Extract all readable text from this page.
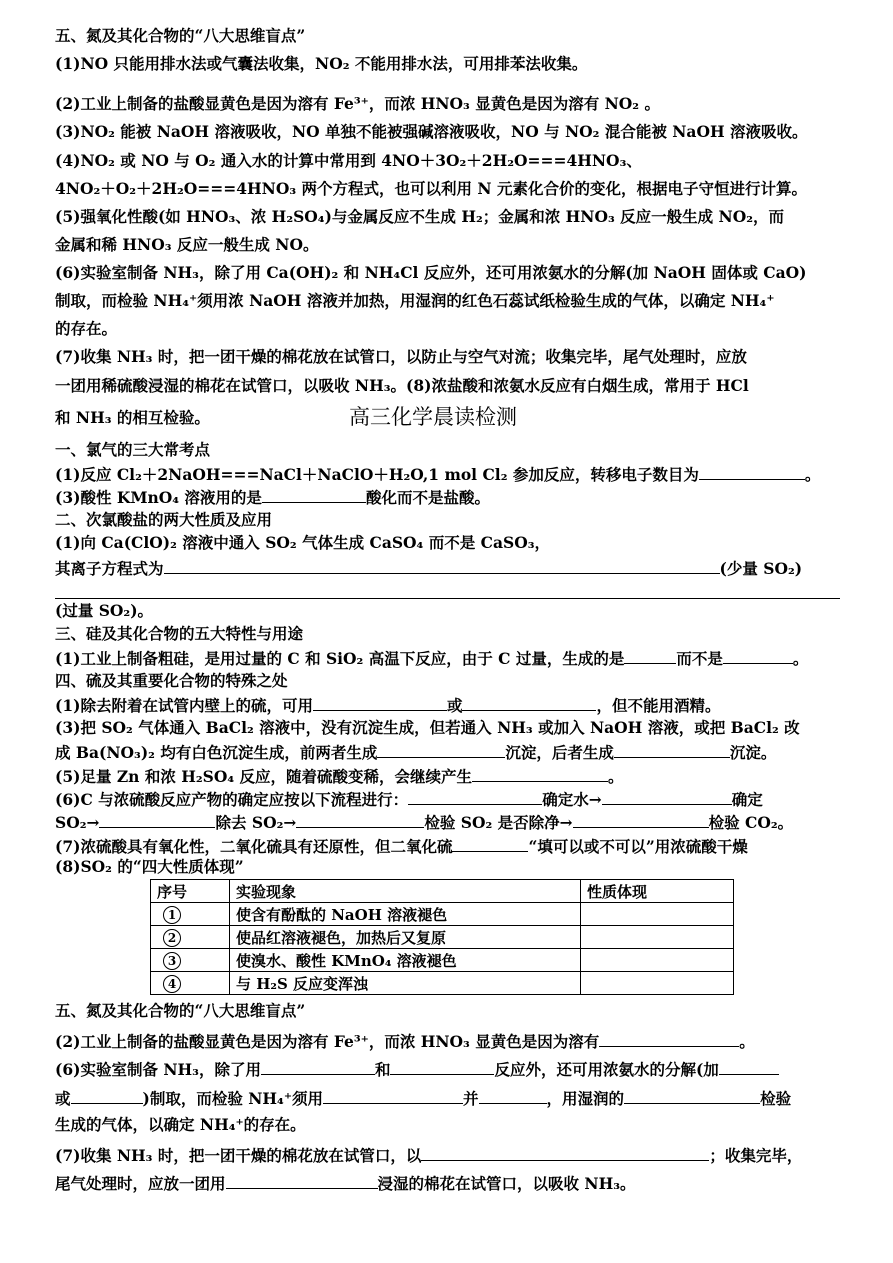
五、氮及其化合物的“八大思维盲点”
(1)NO 只能用排水法或气囊法收集，NO₂ 不能用排水法，可用排苯法收集。
(2)工业上制备的盐酸显黄色是因为溶有 Fe³⁺，而浓 HNO₃ 显黄色是因为溶有 NO₂ 。
(3)NO₂ 能被 NaOH 溶液吸收，NO 单独不能被强碱溶液吸收，NO 与 NO₂ 混合能被 NaOH 溶液吸收。
(4)NO₂ 或 NO 与 O₂ 通入水的计算中常用到 4NO＋3O₂＋2H₂O===4HNO₃、
4NO₂＋O₂＋2H₂O===4HNO₃ 两个方程式，也可以利用 N 元素化合价的变化，根据电子守恒进行计算。
(5)强氧化性酸(如 HNO₃、浓 H₂SO₄)与金属反应不生成 H₂；金属和浓 HNO₃ 反应一般生成 NO₂，而
金属和稀 HNO₃ 反应一般生成 NO。
(6)实验室制备 NH₃，除了用 Ca(OH)₂ 和 NH₄Cl 反应外，还可用浓氨水的分解(加 NaOH 固体或 CaO)
制取，而检验 NH₄⁺须用浓 NaOH 溶液并加热，用湿润的红色石蕊试纸检验生成的气体，以确定 NH₄⁺
的存在。
(7)收集 NH₃ 时，把一团干燥的棉花放在试管口，以防止与空气对流；收集完毕，尾气处理时，应放
一团用稀硫酸浸湿的棉花在试管口，以吸收 NH₃。(8)浓盐酸和浓氨水反应有白烟生成，常用于 HCl
和 NH₃ 的相互检验。	高三化学晨读检测
一、氯气的三大常考点
(1)反应 Cl₂＋2NaOH===NaCl＋NaClO＋H₂O,1 mol Cl₂ 参加反应，转移电子数目为	。
(3)酸性 KMnO₄ 溶液用的是	酸化而不是盐酸。
二、次氯酸盐的两大性质及应用
(1)向 Ca(ClO)₂ 溶液中通入 SO₂ 气体生成 CaSO₄ 而不是 CaSO₃，
其离子方程式为	(少量 SO₂)
(过量 SO₂)。
三、硅及其化合物的五大特性与用途
(1)工业上制备粗硅，是用过量的 C 和 SiO₂ 高温下反应，由于 C 过量，生成的是	而不是	。
四、硫及其重要化合物的特殊之处
(1)除去附着在试管内壁上的硫，可用	或	，但不能用酒精。
(3)把 SO₂ 气体通入 BaCl₂ 溶液中，没有沉淀生成，但若通入 NH₃ 或加入 NaOH 溶液，或把 BaCl₂ 改
成 Ba(NO₃)₂ 均有白色沉淀生成，前两者生成	沉淀，后者生成	沉淀。
(5)足量 Zn 和浓 H₂SO₄ 反应，随着硫酸变稀，会继续产生	。
(6)C 与浓硫酸反应产物的确定应按以下流程进行：	确定水→	确定
SO₂→	除去 SO₂→	检验 SO₂ 是否除净→	检验 CO₂。
(7)浓硫酸具有氧化性，二氧化硫具有还原性，但二氧化硫	“填可以或不可以”用浓硫酸干燥
(8)SO₂ 的“四大性质体现”
序号	实验现象	性质体现
1	使含有酚酞的 NaOH 溶液褪色	
2	使品红溶液褪色，加热后又复原	
3	使溴水、酸性 KMnO₄ 溶液褪色	
4	与 H₂S 反应变浑浊	
五、氮及其化合物的“八大思维盲点”
(2)工业上制备的盐酸显黄色是因为溶有 Fe³⁺，而浓 HNO₃ 显黄色是因为溶有	。
(6)实验室制备 NH₃，除了用	和	反应外，还可用浓氨水的分解(加
或	)制取，而检验 NH₄⁺须用	并	，用湿润的	检验
生成的气体，以确定 NH₄⁺的存在。
(7)收集 NH₃ 时，把一团干燥的棉花放在试管口，以	；收集完毕，
尾气处理时，应放一团用	浸湿的棉花在试管口，以吸收 NH₃。
